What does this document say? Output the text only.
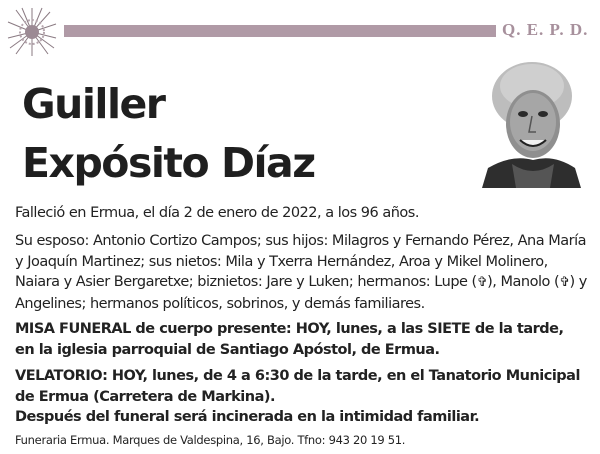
Q. E. P. D.
Guiller
Expósito Díaz
Falleció en Ermua, el día 2 de enero de 2022, a los 96 años.
Su esposo: Antonio Cortizo Campos; sus hijos: Milagros y Fernando Pérez, Ana María y Joaquín Martinez; sus nietos: Mila y Txerra Hernández, Aroa y Mikel Molinero, Naiara y Asier Bergaretxe; biznietos: Jare y Luken; hermanos: Lupe (✞), Manolo (✞) y Angelines; hermanos políticos, sobrinos, y demás familiares.
MISA FUNERAL de cuerpo presente: HOY, lunes, a las SIETE de la tarde, en la iglesia parroquial de Santiago Apóstol, de Ermua.
VELATORIO: HOY, lunes, de 4 a 6:30 de la tarde, en el Tanatorio Municipal de Ermua (Carretera de Markina).
Después del funeral será incinerada en la intimidad familiar.
Funeraria Ermua. Marques de Valdespina, 16, Bajo. Tfno: 943 20 19 51.
